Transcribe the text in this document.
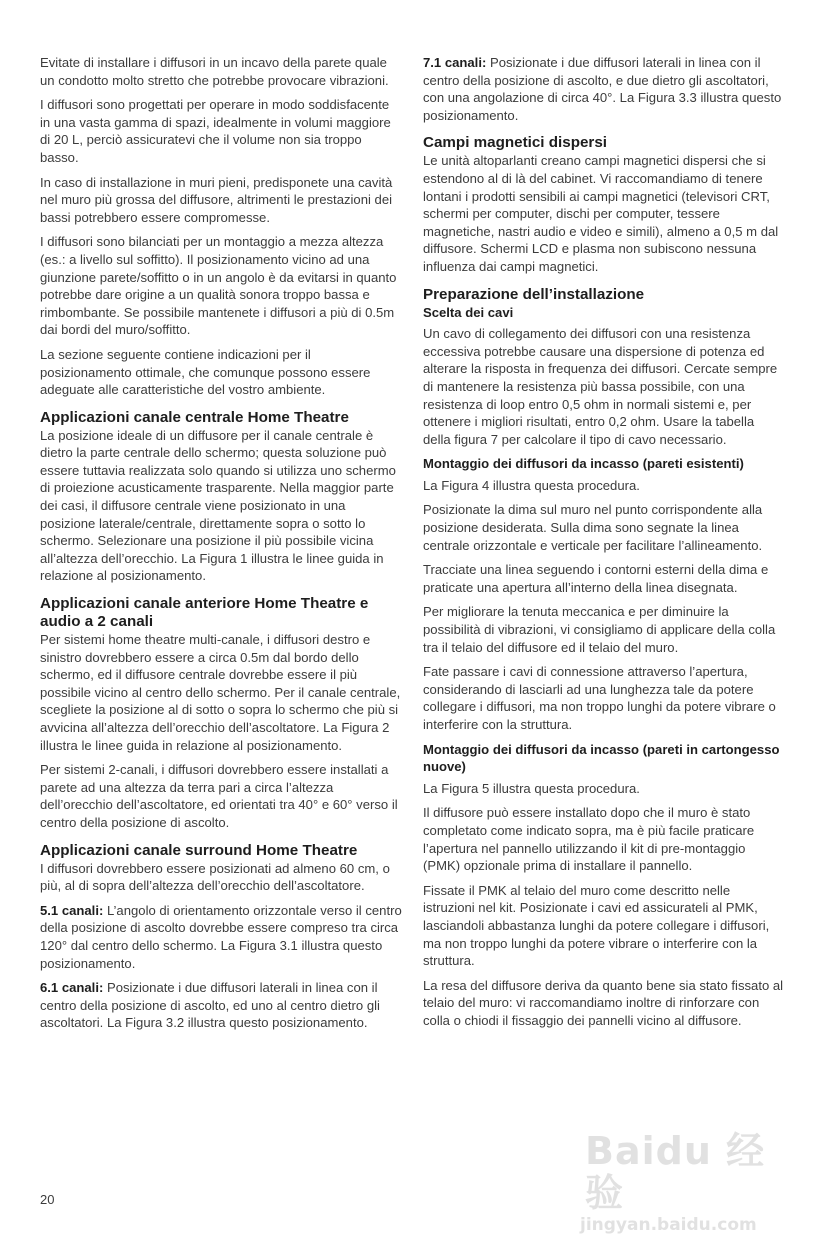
Evitate di installare i diffusori in un incavo della parete quale un condotto molto stretto che potrebbe provocare vibrazioni.

I diffusori sono progettati per operare in modo soddisfacente in una vasta gamma di spazi, idealmente in volumi maggiore di 20 L, perciò assicuratevi che il volume non sia troppo basso.

In caso di installazione in muri pieni, predisponete una cavità nel muro più grossa del diffusore, altrimenti le prestazioni dei bassi potrebbero essere compromesse.

I diffusori sono bilanciati per un montaggio a mezza altezza (es.: a livello sul soffitto). Il posizionamento vicino ad una giunzione parete/soffitto o in un angolo è da evitarsi in quanto potrebbe dare origine a un qualità sonora troppo bassa e rimbombante. Se possibile mantenete i diffusori a più di 0.5m dai bordi del muro/soffitto.

La sezione seguente contiene indicazioni per il posizionamento ottimale, che comunque possono essere adeguate alle caratteristiche del vostro ambiente.

Applicazioni canale centrale Home Theatre

La posizione ideale di un diffusore per il canale centrale è dietro la parte centrale dello schermo; questa soluzione può essere tuttavia realizzata solo quando si utilizza uno schermo di proiezione acusticamente trasparente. Nella maggior parte dei casi, il diffusore centrale viene posizionato in una posizione laterale/centrale, direttamente sopra o sotto lo schermo. Selezionare una posizione il più possibile vicina all’altezza dell’orecchio. La Figura 1 illustra le linee guida in relazione al posizionamento.

Applicazioni canale anteriore Home Theatre e audio a 2 canali

Per sistemi home theatre multi-canale, i diffusori destro e sinistro dovrebbero essere a circa 0.5m dal bordo dello schermo, ed il diffusore centrale dovrebbe essere il più possibile vicino al centro dello schermo. Per il canale centrale, scegliete la posizione al di sotto o sopra lo schermo che più si avvicina all’altezza dell’orecchio dell’ascoltatore. La Figura 2 illustra le linee guida in relazione al posizionamento.

Per sistemi 2-canali, i diffusori dovrebbero essere installati a parete ad una altezza da terra pari a circa l’altezza dell’orecchio dell’ascoltatore, ed orientati tra 40° e 60° verso il centro della posizione di ascolto.

Applicazioni canale surround Home Theatre

I diffusori dovrebbero essere posizionati ad almeno 60 cm, o più, al di sopra dell’altezza dell’orecchio dell’ascoltatore.

5.1 canali: L’angolo di orientamento orizzontale verso il centro della posizione di ascolto dovrebbe essere compreso tra circa 120° dal centro dello schermo. La Figura 3.1 illustra questo posizionamento.

6.1 canali: Posizionate i due diffusori laterali in linea con il centro della posizione di ascolto, ed uno al centro dietro gli ascoltatori. La Figura 3.2 illustra questo posizionamento.

7.1 canali: Posizionate i due diffusori laterali in linea con il centro della posizione di ascolto, e due dietro gli ascoltatori, con una angolazione di circa 40°. La Figura 3.3 illustra questo posizionamento.

Campi magnetici dispersi

Le unità altoparlanti creano campi magnetici dispersi che si estendono al di là del cabinet. Vi raccomandiamo di tenere lontani i prodotti sensibili ai campi magnetici (televisori CRT, schermi per computer, dischi per computer, tessere magnetiche, nastri audio e video e simili), almeno a 0,5 m dal diffusore. Schermi LCD e plasma non subiscono nessuna influenza dai campi magnetici.

Preparazione dell’installazione
Scelta dei cavi

Un cavo di collegamento dei diffusori con una resistenza eccessiva potrebbe causare una dispersione di potenza ed alterare la risposta in frequenza dei diffusori. Cercate sempre di mantenere la resistenza più bassa possibile, con una resistenza di loop entro 0,5 ohm in normali sistemi e, per ottenere i migliori risultati, entro 0,2 ohm. Usare la tabella della figura 7 per calcolare il tipo di cavo necessario.

Montaggio dei diffusori da incasso (pareti esistenti)

La Figura 4 illustra questa procedura.

Posizionate la dima sul muro nel punto corrispondente alla posizione desiderata. Sulla dima sono segnate la linea centrale orizzontale e verticale per facilitare l’allineamento.

Tracciate una linea seguendo i contorni esterni della dima e praticate una apertura all’interno della linea disegnata.

Per migliorare la tenuta meccanica e per diminuire la possibilità di vibrazioni, vi consigliamo di applicare della colla tra il telaio del diffusore ed il telaio del muro.

Fate passare i cavi di connessione attraverso l’apertura, considerando di lasciarli ad una lunghezza tale da potere collegare i diffusori, ma non troppo lunghi da potere vibrare o interferire con la struttura.

Montaggio dei diffusori da incasso (pareti in cartongesso nuove)

La Figura 5 illustra questa procedura.

Il diffusore può essere installato dopo che il muro è stato completato come indicato sopra, ma è più facile praticare l’apertura nel pannello utilizzando il kit di pre-montaggio (PMK) opzionale prima di installare il pannello.

Fissate il PMK al telaio del muro come descritto nelle istruzioni nel kit. Posizionate i cavi ed assicurateli al PMK, lasciandoli abbastanza lunghi da potere collegare i diffusori, ma non troppo lunghi da potere vibrare o interferire con la struttura.

La resa del diffusore deriva da quanto bene sia stato fissato al telaio del muro: vi raccomandiamo inoltre di rinforzare con colla o chiodi il fissaggio dei pannelli vicino al diffusore.

20
Baidu 经验
jingyan.baidu.com
